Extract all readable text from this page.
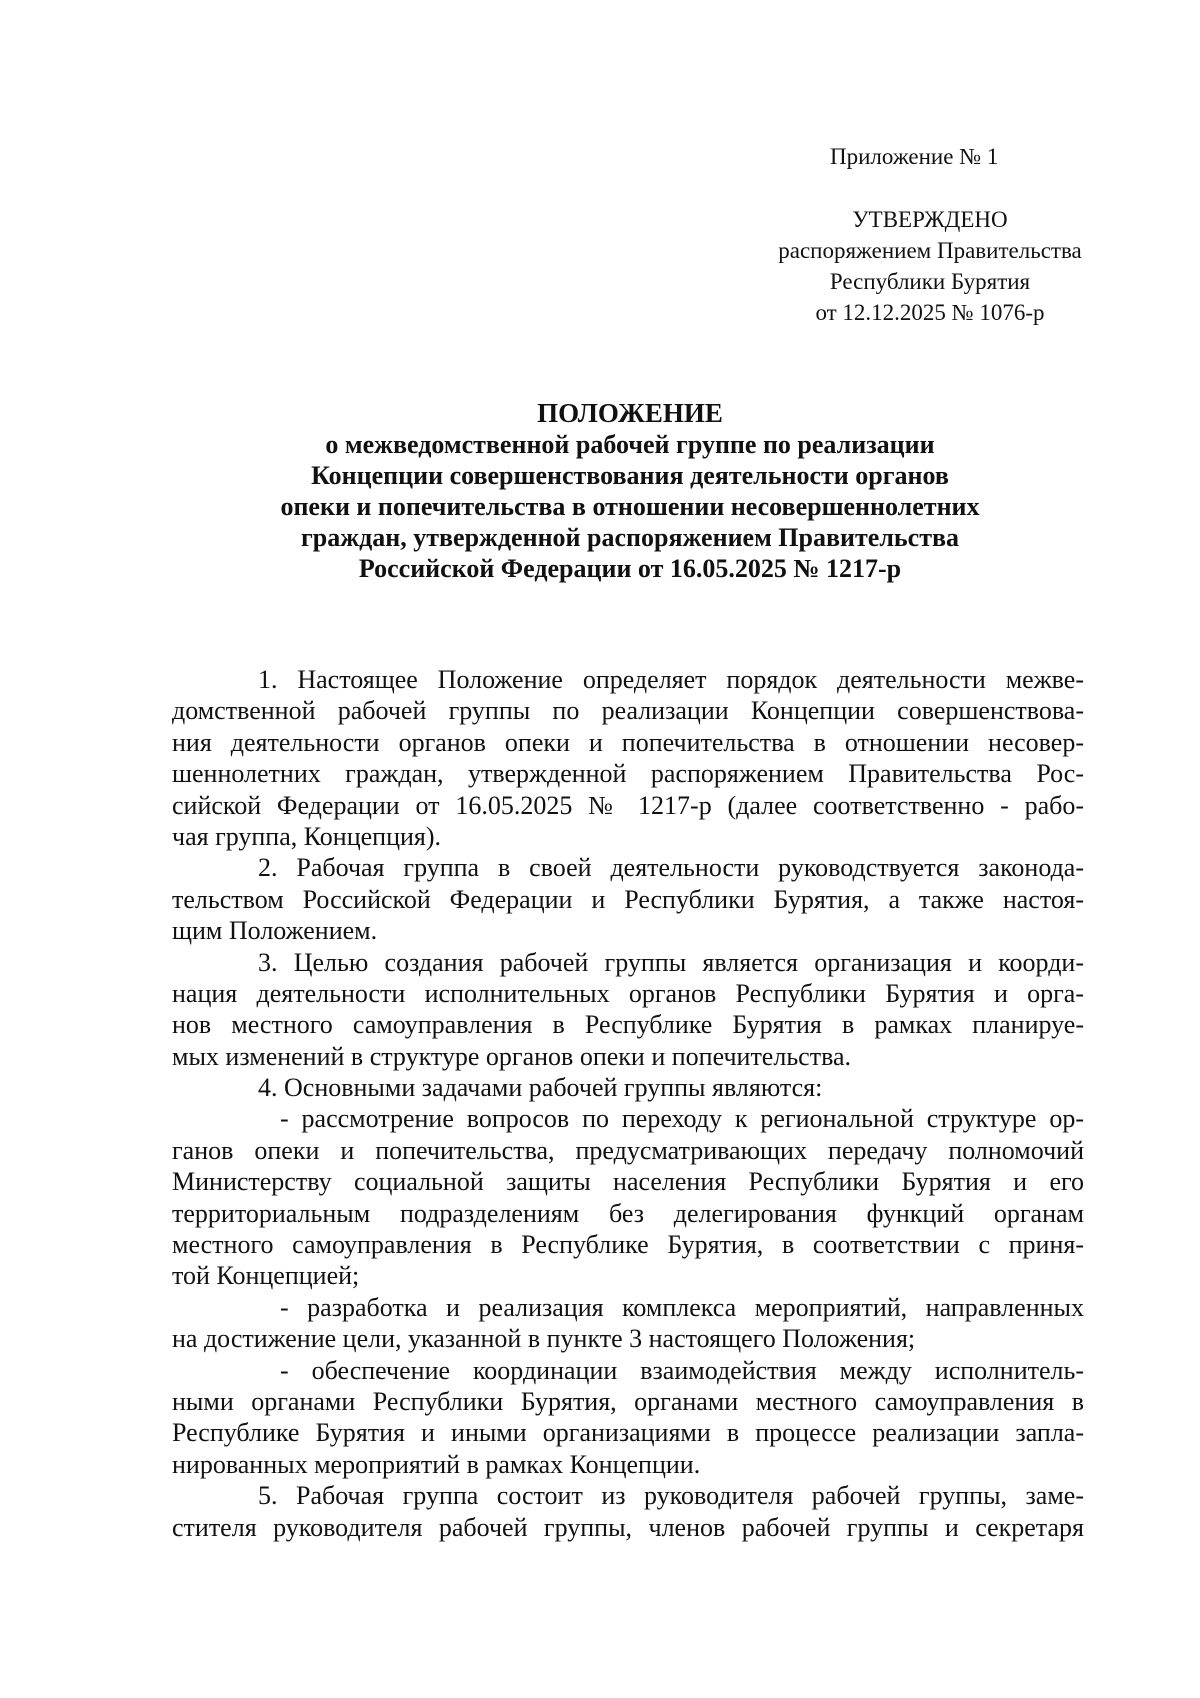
Приложение № 1
УТВЕРЖДЕНО
распоряжением Правительства
Республики Бурятия
от 12.12.2025 № 1076-р
ПОЛОЖЕНИЕ
о межведомственной рабочей группе по реализации
Концепции совершенствования деятельности органов
опеки и попечительства в отношении несовершеннолетних
граждан, утвержденной распоряжением Правительства
Российской Федерации от 16.05.2025 № 1217-р
1. Настоящее Положение определяет порядок деятельности межве-
домственной рабочей группы по реализации Концепции совершенствова-
ния деятельности органов опеки и попечительства в отношении несовер-
шеннолетних граждан, утвержденной распоряжением Правительства Рос-
сийской Федерации от 16.05.2025 № 1217-р (далее соответственно - рабо-
чая группа, Концепция).
2. Рабочая группа в своей деятельности руководствуется законода-
тельством Российской Федерации и Республики Бурятия, а также настоя-
щим Положением.
3. Целью создания рабочей группы является организация и коорди-
нация деятельности исполнительных органов Республики Бурятия и орга-
нов местного самоуправления в Республике Бурятия в рамках планируе-
мых изменений в структуре органов опеки и попечительства.
4. Основными задачами рабочей группы являются:
- рассмотрение вопросов по переходу к региональной структуре ор-
ганов опеки и попечительства, предусматривающих передачу полномочий
Министерству социальной защиты населения Республики Бурятия и его
территориальным подразделениям без делегирования функций органам
местного самоуправления в Республике Бурятия, в соответствии с приня-
той Концепцией;
- разработка и реализация комплекса мероприятий, направленных
на достижение цели, указанной в пункте 3 настоящего Положения;
- обеспечение координации взаимодействия между исполнитель-
ными органами Республики Бурятия, органами местного самоуправления в
Республике Бурятия и иными организациями в процессе реализации запла-
нированных мероприятий в рамках Концепции.
5. Рабочая группа состоит из руководителя рабочей группы, заме-
стителя руководителя рабочей группы, членов рабочей группы и секретаря
